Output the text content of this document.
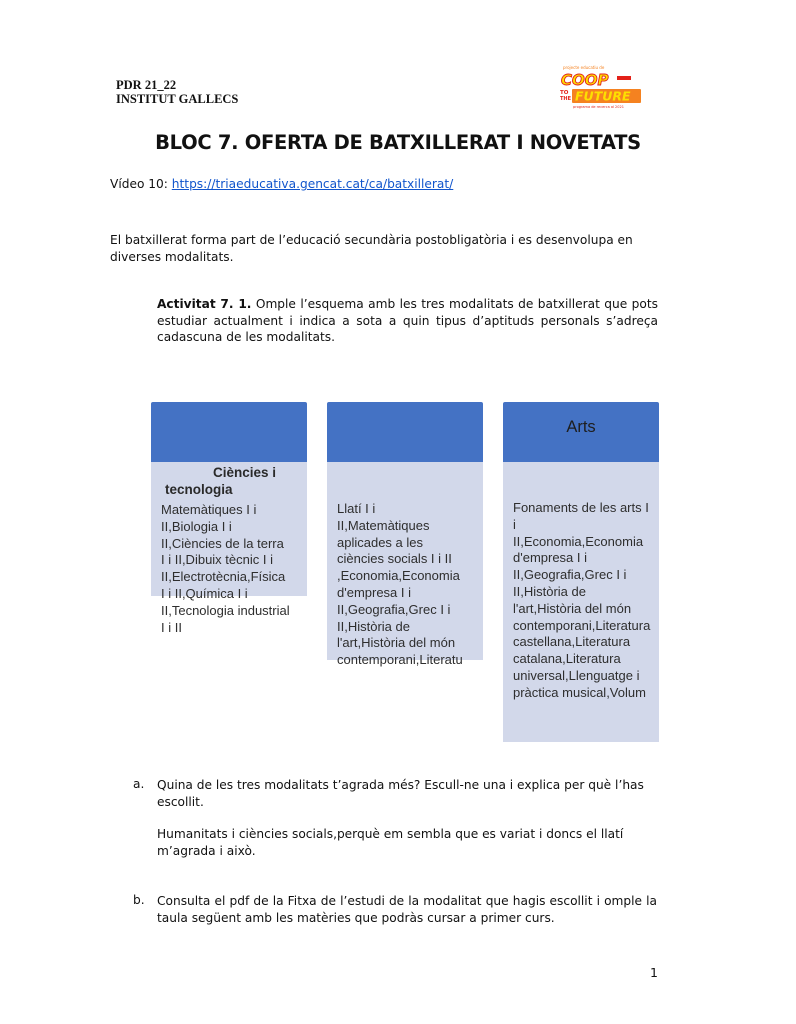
PDR 21_22
INSTITUT GALLECS
projecte educatiu de
COOP
TO
THE FUTURE
programa de recerca al 2021
BLOC 7. OFERTA DE BATXILLERAT I NOVETATS
Vídeo 10: https://triaeducativa.gencat.cat/ca/batxillerat/
El batxillerat forma part de l’educació secundària postobligatòria i es desenvolupa en diverses modalitats.
Activitat 7. 1. Omple l’esquema amb les tres modalitats de batxillerat que pots estudiar actualment i indica a sota a quin tipus d’aptituds personals s’adreça cadascuna de les modalitats.
Ciències i tecnologia
Matemàtiques I i II,Biologia I i II,Ciències de la terra I i II,Dibuix tècnic I i II,Electrotècnia,Física I i II,Química I i II,Tecnologia industrial I i II
Llatí I i II,Matemàtiques aplicades a les ciències socials I i II ,Economia,Economia d'empresa I i II,Geografia,Grec I i II,Història de l'art,Història del món contemporani,Literatu
Arts
Fonaments de les arts I i II,Economia,Economia d'empresa I i II,Geografia,Grec I i II,Història de l'art,Història del món contemporani,Literatura castellana,Literatura catalana,Literatura universal,Llenguatge i pràctica musical,Volum
a. Quina de les tres modalitats t’agrada més? Escull-ne una i explica per què l’has escollit.
Humanitats i ciències socials,perquè em sembla que es variat i doncs el llatí m’agrada i això.
b. Consulta el pdf de la Fitxa de l’estudi de la modalitat que hagis escollit i omple la taula següent amb les matèries que podràs cursar a primer curs.
1
